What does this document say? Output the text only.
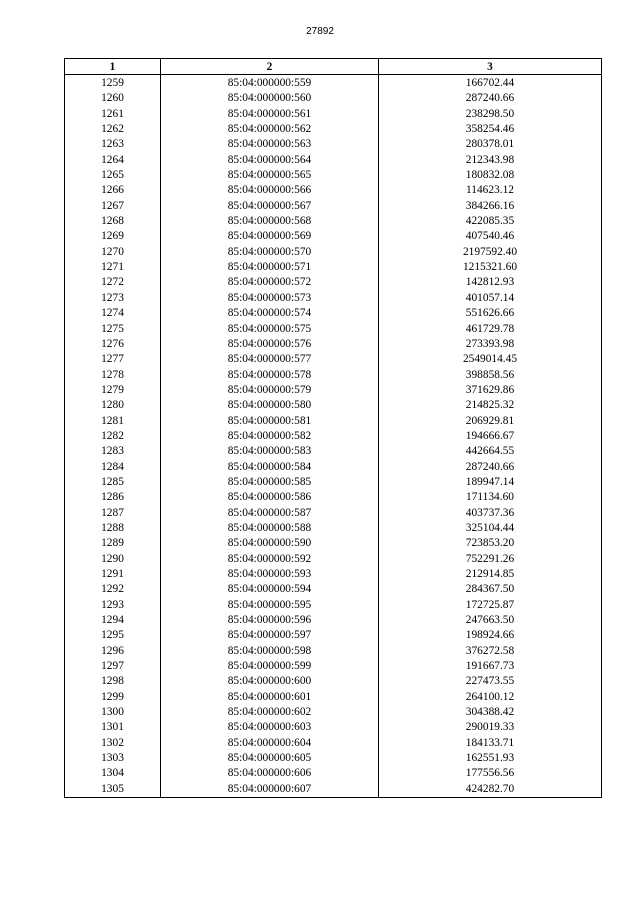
27892
1	2	3
1259	85:04:000000:559	166702.44
1260	85:04:000000:560	287240.66
1261	85:04:000000:561	238298.50
1262	85:04:000000:562	358254.46
1263	85:04:000000:563	280378.01
1264	85:04:000000:564	212343.98
1265	85:04:000000:565	180832.08
1266	85:04:000000:566	114623.12
1267	85:04:000000:567	384266.16
1268	85:04:000000:568	422085.35
1269	85:04:000000:569	407540.46
1270	85:04:000000:570	2197592.40
1271	85:04:000000:571	1215321.60
1272	85:04:000000:572	142812.93
1273	85:04:000000:573	401057.14
1274	85:04:000000:574	551626.66
1275	85:04:000000:575	461729.78
1276	85:04:000000:576	273393.98
1277	85:04:000000:577	2549014.45
1278	85:04:000000:578	398858.56
1279	85:04:000000:579	371629.86
1280	85:04:000000:580	214825.32
1281	85:04:000000:581	206929.81
1282	85:04:000000:582	194666.67
1283	85:04:000000:583	442664.55
1284	85:04:000000:584	287240.66
1285	85:04:000000:585	189947.14
1286	85:04:000000:586	171134.60
1287	85:04:000000:587	403737.36
1288	85:04:000000:588	325104.44
1289	85:04:000000:590	723853.20
1290	85:04:000000:592	752291.26
1291	85:04:000000:593	212914.85
1292	85:04:000000:594	284367.50
1293	85:04:000000:595	172725.87
1294	85:04:000000:596	247663.50
1295	85:04:000000:597	198924.66
1296	85:04:000000:598	376272.58
1297	85:04:000000:599	191667.73
1298	85:04:000000:600	227473.55
1299	85:04:000000:601	264100.12
1300	85:04:000000:602	304388.42
1301	85:04:000000:603	290019.33
1302	85:04:000000:604	184133.71
1303	85:04:000000:605	162551.93
1304	85:04:000000:606	177556.56
1305	85:04:000000:607	424282.70
